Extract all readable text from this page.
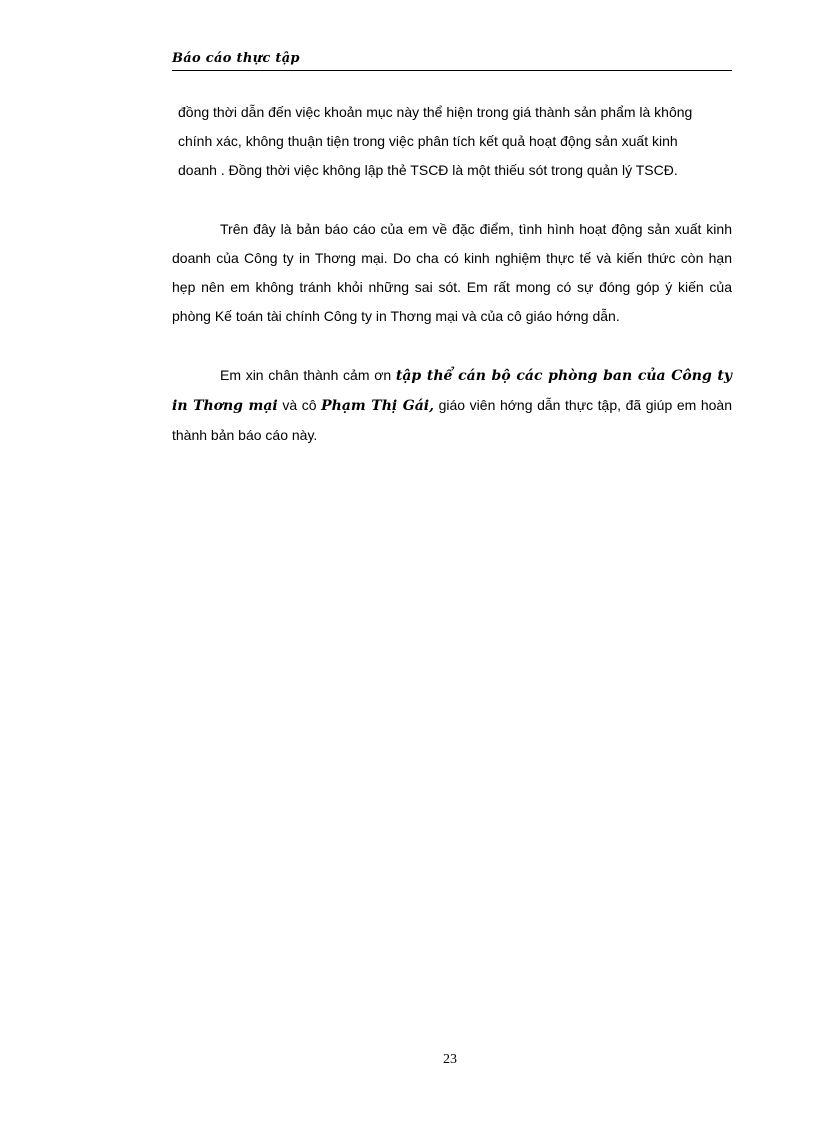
Báo cáo thực tập

đồng thời dẫn đến việc khoản mục này thể hiện trong giá thành sản phẩm là không
chính xác, không thuận tiện trong việc phân tích kết quả hoạt động sản xuất kinh
doanh . Đồng thời việc không lập thẻ TSCĐ là một thiếu sót trong quản lý TSCĐ.

Trên đây là bản báo cáo của em về đặc điểm, tình hình hoạt động sản xuất kinh doanh của Công ty in Thơng mại. Do cha có kinh nghiệm thực tế và kiến thức còn hạn hẹp nên em không tránh khỏi những sai sót. Em rất mong có sự đóng góp ý kiến của phòng Kế toán tài chính Công ty in Thơng mại và của cô giáo hớng dẫn.

Em xin chân thành cảm ơn tập thể cán bộ các phòng ban của Công ty in Thơng mại và cô Phạm Thị Gái, giáo viên hớng dẫn thực tập, đã giúp em hoàn thành bản báo cáo này.

23
